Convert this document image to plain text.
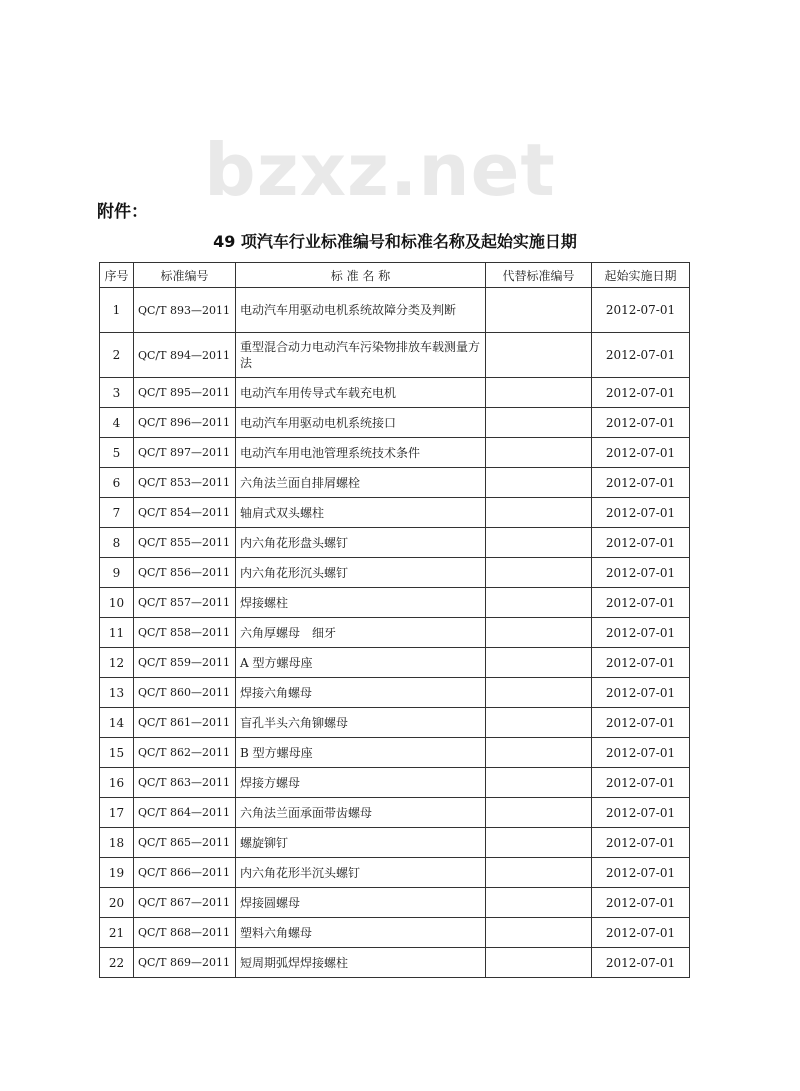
bzxz.net
附件：
49 项汽车行业标准编号和标准名称及起始实施日期
序号	标准编号	标 准 名 称	代替标准编号	起始实施日期
1	QC/T 893—2011	电动汽车用驱动电机系统故障分类及判断		2012-07-01
2	QC/T 894—2011	重型混合动力电动汽车污染物排放车载测量方法		2012-07-01
3	QC/T 895—2011	电动汽车用传导式车载充电机		2012-07-01
4	QC/T 896—2011	电动汽车用驱动电机系统接口		2012-07-01
5	QC/T 897—2011	电动汽车用电池管理系统技术条件		2012-07-01
6	QC/T 853—2011	六角法兰面自排屑螺栓		2012-07-01
7	QC/T 854—2011	轴肩式双头螺柱		2012-07-01
8	QC/T 855—2011	内六角花形盘头螺钉		2012-07-01
9	QC/T 856—2011	内六角花形沉头螺钉		2012-07-01
10	QC/T 857—2011	焊接螺柱		2012-07-01
11	QC/T 858—2011	六角厚螺母　细牙		2012-07-01
12	QC/T 859—2011	A 型方螺母座		2012-07-01
13	QC/T 860—2011	焊接六角螺母		2012-07-01
14	QC/T 861—2011	盲孔半头六角铆螺母		2012-07-01
15	QC/T 862—2011	B 型方螺母座		2012-07-01
16	QC/T 863—2011	焊接方螺母		2012-07-01
17	QC/T 864—2011	六角法兰面承面带齿螺母		2012-07-01
18	QC/T 865—2011	螺旋铆钉		2012-07-01
19	QC/T 866—2011	内六角花形半沉头螺钉		2012-07-01
20	QC/T 867—2011	焊接圆螺母		2012-07-01
21	QC/T 868—2011	塑料六角螺母		2012-07-01
22	QC/T 869—2011	短周期弧焊焊接螺柱		2012-07-01
